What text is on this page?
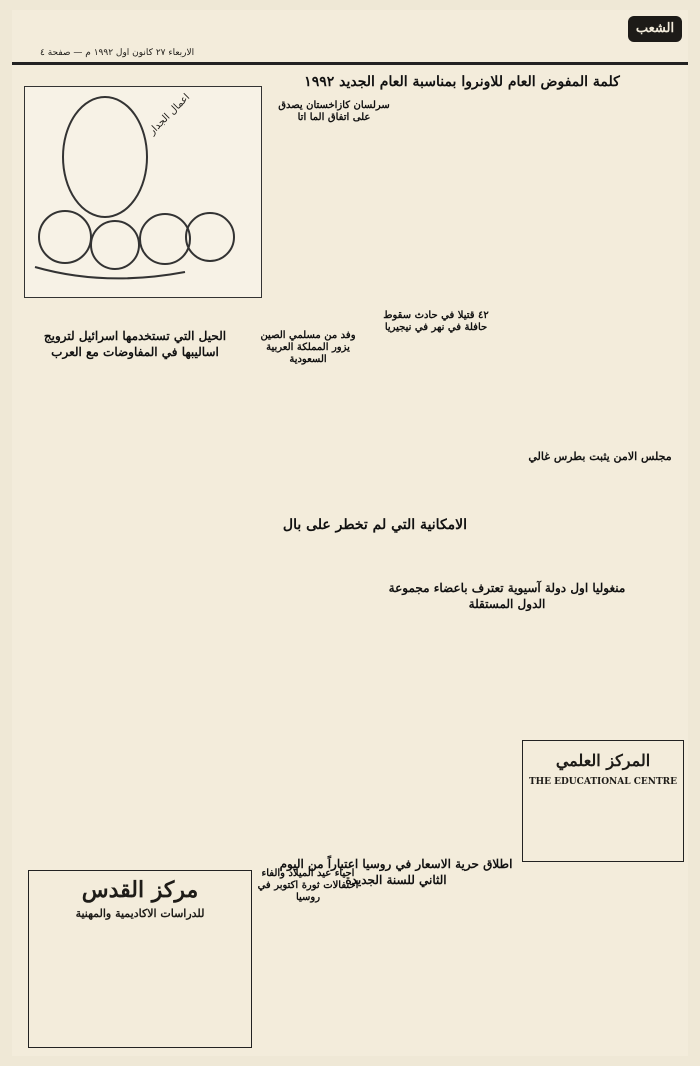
الشعب
الاربعاء ٢٧ كانون اول ١٩٩٢ م — صفحة ٤
كلمة المفوض العام للاونروا بمناسبة العام الجديد ١٩٩٢
اعمال الجدار	سرلسان كازاخستان يصدق على اتفاق الما اتا
وفد من مسلمي الصين يزور المملكة العربية السعودية
٤٢ قتيلا في حادث سقوط حافلة في نهر في نيجيريا
الحيل التي تستخدمها اسرائيل لترويج اساليبها في المفاوضات مع العرب
مجلس الامن يثبت بطرس غالي
الامكانية التي لم تخطر على بال
منغوليا اول دولة آسيوية تعترف باعضاء مجموعة الدول المستقلة
اطلاق حرية الاسعار في روسيا اعتباراً من اليوم الثاني للسنة الجديدة
احياء عيد الميلاد والفاء احتفالات ثورة اكتوبر في روسيا
مركز القدس
للدراسات الاكاديمية والمهنية
المركز العلمي
THE EDUCATIONAL CENTRE
